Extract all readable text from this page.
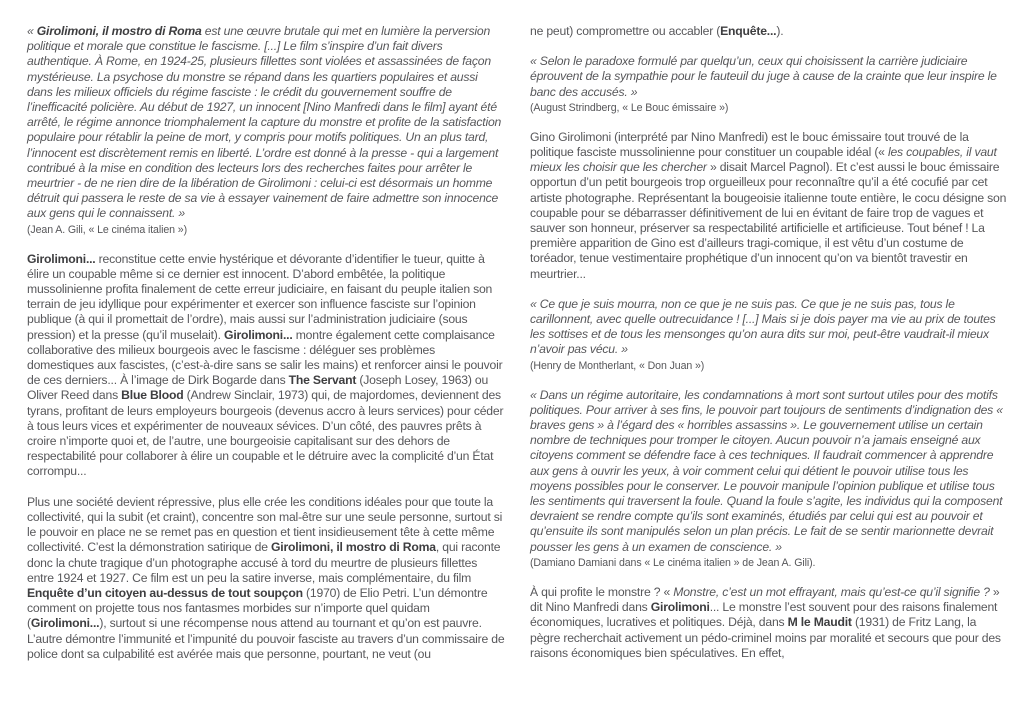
« Girolimoni, il mostro di Roma est une œuvre brutale qui met en lumière la perversion politique et morale que constitue le fascisme. [...] Le film s’inspire d’un fait divers authentique. À Rome, en 1924-25, plusieurs fillettes sont violées et assassinées de façon mystérieuse. La psychose du monstre se répand dans les quartiers populaires et aussi dans les milieux officiels du régime fasciste : le crédit du gouvernement souffre de l’inefficacité policière. Au début de 1927, un innocent [Nino Manfredi dans le film] ayant été arrêté, le régime annonce triomphalement la capture du monstre et profite de la satisfaction populaire pour rétablir la peine de mort, y compris pour motifs politiques. Un an plus tard, l’innocent est discrètement remis en liberté. L’ordre est donné à la presse - qui a largement contribué à la mise en condition des lecteurs lors des recherches faites pour arrêter le meurtrier - de ne rien dire de la libération de Girolimoni : celui-ci est désormais un homme détruit qui passera le reste de sa vie à essayer vainement de faire admettre son innocence aux gens qui le connaissent. »

(Jean A. Gili, « Le cinéma italien »)

Girolimoni... reconstitue cette envie hystérique et dévorante d’identifier le tueur, quitte à élire un coupable même si ce dernier est innocent. D’abord embêtée, la politique mussolinienne profita finalement de cette erreur judiciaire, en faisant du peuple italien son terrain de jeu idyllique pour expérimenter et exercer son influence fasciste sur l’opinion publique (à qui il promettait de l’ordre), mais aussi sur l’administration judiciaire (sous pression) et la presse (qu’il muselait). Girolimoni... montre également cette complaisance collaborative des milieux bourgeois avec le fascisme : déléguer ses problèmes domestiques aux fascistes, (c’est-à-dire sans se salir les mains) et renforcer ainsi le pouvoir de ces derniers... À l’image de Dirk Bogarde dans The Servant (Joseph Losey, 1963) ou Oliver Reed dans Blue Blood (Andrew Sinclair, 1973) qui, de majordomes, deviennent des tyrans, profitant de leurs employeurs bourgeois (devenus accro à leurs services) pour céder à tous leurs vices et expérimenter de nouveaux sévices. D’un côté, des pauvres prêts à croire n’importe quoi et, de l’autre, une bourgeoisie capitalisant sur des dehors de respectabilité pour collaborer à élire un coupable et le détruire avec la complicité d’un État corrompu...

Plus une société devient répressive, plus elle crée les conditions idéales pour que toute la collectivité, qui la subit (et craint), concentre son mal-être sur une seule personne, surtout si le pouvoir en place ne se remet pas en question et tient insidieusement tête à cette même collectivité. C’est la démonstration satirique de Girolimoni, il mostro di Roma, qui raconte donc la chute tragique d’un photographe accusé à tord du meurtre de plusieurs fillettes entre 1924 et 1927. Ce film est un peu la satire inverse, mais complémentaire, du film Enquête d’un citoyen au-dessus de tout soupçon (1970) de Elio Petri. L’un démontre comment on projette tous nos fantasmes morbides sur n’importe quel quidam (Girolimoni...), surtout si une récompense nous attend au tournant et qu’on est pauvre. L’autre démontre l’immunité et l’impunité du pouvoir fasciste au travers d’un commissaire de police dont sa culpabilité est avérée mais que personne, pourtant, ne veut (ou

ne peut) compromettre ou accabler (Enquête...).

« Selon le paradoxe formulé par quelqu’un, ceux qui choisissent la carrière judiciaire éprouvent de la sympathie pour le fauteuil du juge à cause de la crainte que leur inspire le banc des accusés. »

(August Strindberg, « Le Bouc émissaire »)

Gino Girolimoni (interprété par Nino Manfredi) est le bouc émissaire tout trouvé de la politique fasciste mussolinienne pour constituer un coupable idéal (« les coupables, il vaut mieux les choisir que les chercher » disait Marcel Pagnol). Et c’est aussi le bouc émissaire opportun d’un petit bourgeois trop orgueilleux pour reconnaître qu’il a été cocufié par cet artiste photographe. Représentant la bougeoisie italienne toute entière, le cocu désigne son coupable pour se débarrasser définitivement de lui en évitant de faire trop de vagues et sauver son honneur, préserver sa respectabilité artificielle et artificieuse. Tout bénef ! La première apparition de Gino est d’ailleurs tragi-comique, il est vêtu d’un costume de toréador, tenue vestimentaire prophétique d’un innocent qu’on va bientôt travestir en meurtrier...

« Ce que je suis mourra, non ce que je ne suis pas. Ce que je ne suis pas, tous le carillonnent, avec quelle outrecuidance ! [...] Mais si je dois payer ma vie au prix de toutes les sottises et de tous les mensonges qu’on aura dits sur moi, peut-être vaudrait-il mieux n’avoir pas vécu. »

(Henry de Montherlant, « Don Juan »)

« Dans un régime autoritaire, les condamnations à mort sont surtout utiles pour des motifs politiques. Pour arriver à ses fins, le pouvoir part toujours de sentiments d’indignation des « braves gens » à l’égard des « horribles assassins ». Le gouvernement utilise un certain nombre de techniques pour tromper le citoyen. Aucun pouvoir n’a jamais enseigné aux citoyens comment se défendre face à ces techniques. Il faudrait commencer à apprendre aux gens à ouvrir les yeux, à voir comment celui qui détient le pouvoir utilise tous les moyens possibles pour le conserver. Le pouvoir manipule l’opinion publique et utilise tous les sentiments qui traversent la foule. Quand la foule s’agite, les individus qui la composent devraient se rendre compte qu’ils sont examinés, étudiés par celui qui est au pouvoir et qu’ensuite ils sont manipulés selon un plan précis. Le fait de se sentir marionnette devrait pousser les gens à un examen de conscience. »

(Damiano Damiani dans « Le cinéma italien » de Jean A. Gili).

À qui profite le monstre ? « Monstre, c’est un mot effrayant, mais qu’est-ce qu’il signifie ? » dit Nino Manfredi dans Girolimoni... Le monstre l’est souvent pour des raisons finalement économiques, lucratives et politiques. Déjà, dans M le Maudit (1931) de Fritz Lang, la pègre recherchait activement un pédo-criminel moins par moralité et secours que pour des raisons économiques bien spéculatives. En effet,
